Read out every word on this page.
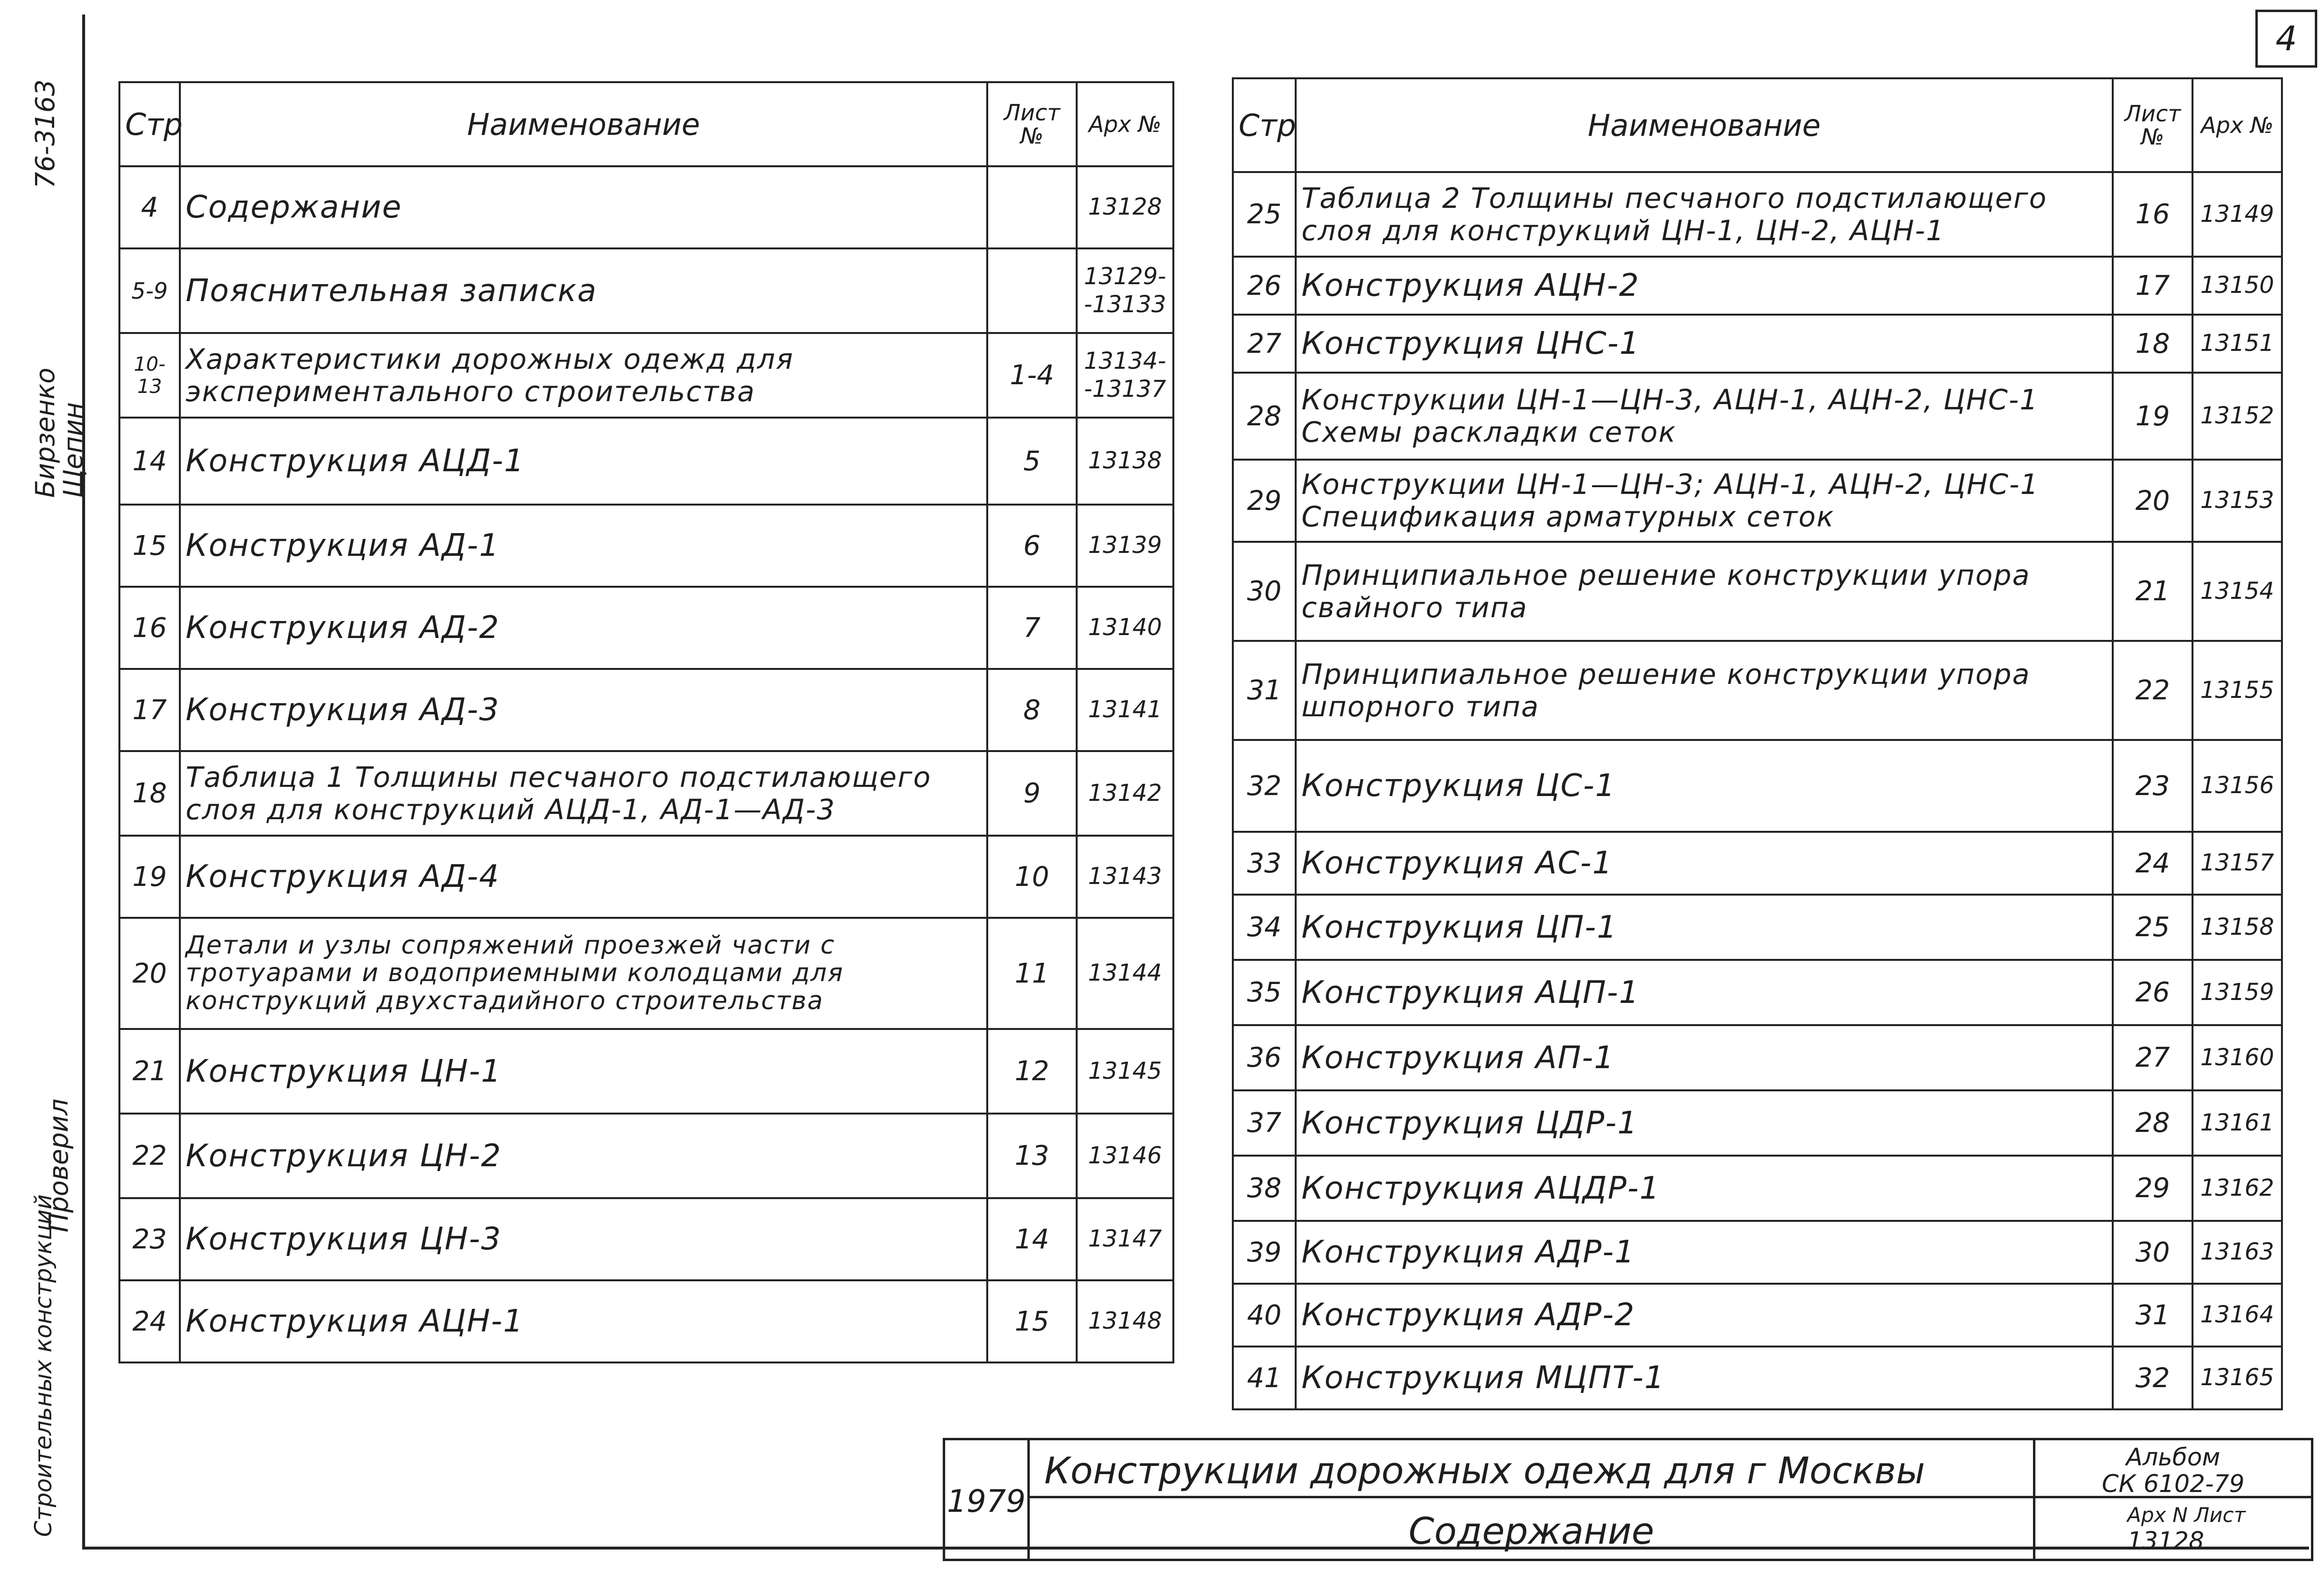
76-3163
Бирзенко
Щепин
Проверил
Строительных конструкций
4
Стр	Наименование	Лист №	Арх №
4	Содержание		13128
5-9	Пояснительная записка		13129- -13133
10-13	Характеристики дорожных одежд для экспериментального строительства	1-4	13134- -13137
14	Конструкция АЦД-1	5	13138
15	Конструкция АД-1	6	13139
16	Конструкция АД-2	7	13140
17	Конструкция АД-3	8	13141
18	Таблица 1 Толщины песчаного подстилающего слоя для конструкций АЦД-1, АД-1—АД-3	9	13142
19	Конструкция АД-4	10	13143
20	Детали и узлы сопряжений проезжей части с тротуарами и водоприемными колодцами для конструкций двухстадийного строительства	11	13144
21	Конструкция ЦН-1	12	13145
22	Конструкция ЦН-2	13	13146
23	Конструкция ЦН-3	14	13147
24	Конструкция АЦН-1	15	13148
Стр	Наименование	Лист №	Арх №
25	Таблица 2 Толщины песчаного подстилающего слоя для конструкций ЦН-1, ЦН-2, АЦН-1	16	13149
26	Конструкция АЦН-2	17	13150
27	Конструкция ЦНС-1	18	13151
28	Конструкции ЦН-1—ЦН-3, АЦН-1, АЦН-2, ЦНС-1 Схемы раскладки сеток	19	13152
29	Конструкции ЦН-1—ЦН-3; АЦН-1, АЦН-2, ЦНС-1 Спецификация арматурных сеток	20	13153
30	Принципиальное решение конструкции упора свайного типа	21	13154
31	Принципиальное решение конструкции упора шпорного типа	22	13155
32	Конструкция ЦС-1	23	13156
33	Конструкция АС-1	24	13157
34	Конструкция ЦП-1	25	13158
35	Конструкция АЦП-1	26	13159
36	Конструкция АП-1	27	13160
37	Конструкция ЦДР-1	28	13161
38	Конструкция АЦДР-1	29	13162
39	Конструкция АДР-1	30	13163
40	Конструкция АДР-2	31	13164
41	Конструкция МЦПТ-1	32	13165
1979
Конструкции дорожных одежд для г Москвы
Содержание
Альбом
СК 6102-79
Арх N Лист
13128
